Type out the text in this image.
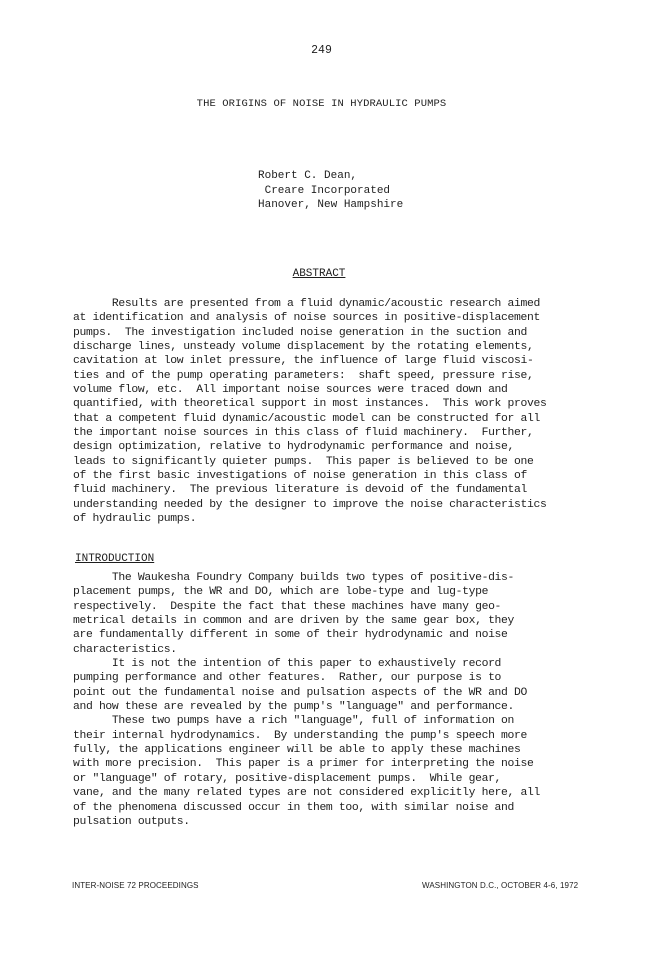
249
THE ORIGINS OF NOISE IN HYDRAULIC PUMPS
Robert C. Dean,
Creare Incorporated
Hanover, New Hampshire
ABSTRACT
Results are presented from a fluid dynamic/acoustic research aimed
at identification and analysis of noise sources in positive-displacement
pumps.  The investigation included noise generation in the suction and
discharge lines, unsteady volume displacement by the rotating elements,
cavitation at low inlet pressure, the influence of large fluid viscosi-
ties and of the pump operating parameters:  shaft speed, pressure rise,
volume flow, etc.  All important noise sources were traced down and
quantified, with theoretical support in most instances.  This work proves
that a competent fluid dynamic/acoustic model can be constructed for all
the important noise sources in this class of fluid machinery.  Further,
design optimization, relative to hydrodynamic performance and noise,
leads to significantly quieter pumps.  This paper is believed to be one
of the first basic investigations of noise generation in this class of
fluid machinery.  The previous literature is devoid of the fundamental
understanding needed by the designer to improve the noise characteristics
of hydraulic pumps.
INTRODUCTION
The Waukesha Foundry Company builds two types of positive-dis-
placement pumps, the WR and DO, which are lobe-type and lug-type
respectively.  Despite the fact that these machines have many geo-
metrical details in common and are driven by the same gear box, they
are fundamentally different in some of their hydrodynamic and noise
characteristics.
It is not the intention of this paper to exhaustively record
pumping performance and other features.  Rather, our purpose is to
point out the fundamental noise and pulsation aspects of the WR and DO
and how these are revealed by the pump's "language" and performance.
These two pumps have a rich "language", full of information on
their internal hydrodynamics.  By understanding the pump's speech more
fully, the applications engineer will be able to apply these machines
with more precision.  This paper is a primer for interpreting the noise
or "language" of rotary, positive-displacement pumps.  While gear,
vane, and the many related types are not considered explicitly here, all
of the phenomena discussed occur in them too, with similar noise and
pulsation outputs.
INTER-NOISE 72 PROCEEDINGS	WASHINGTON D.C., OCTOBER 4-6, 1972
